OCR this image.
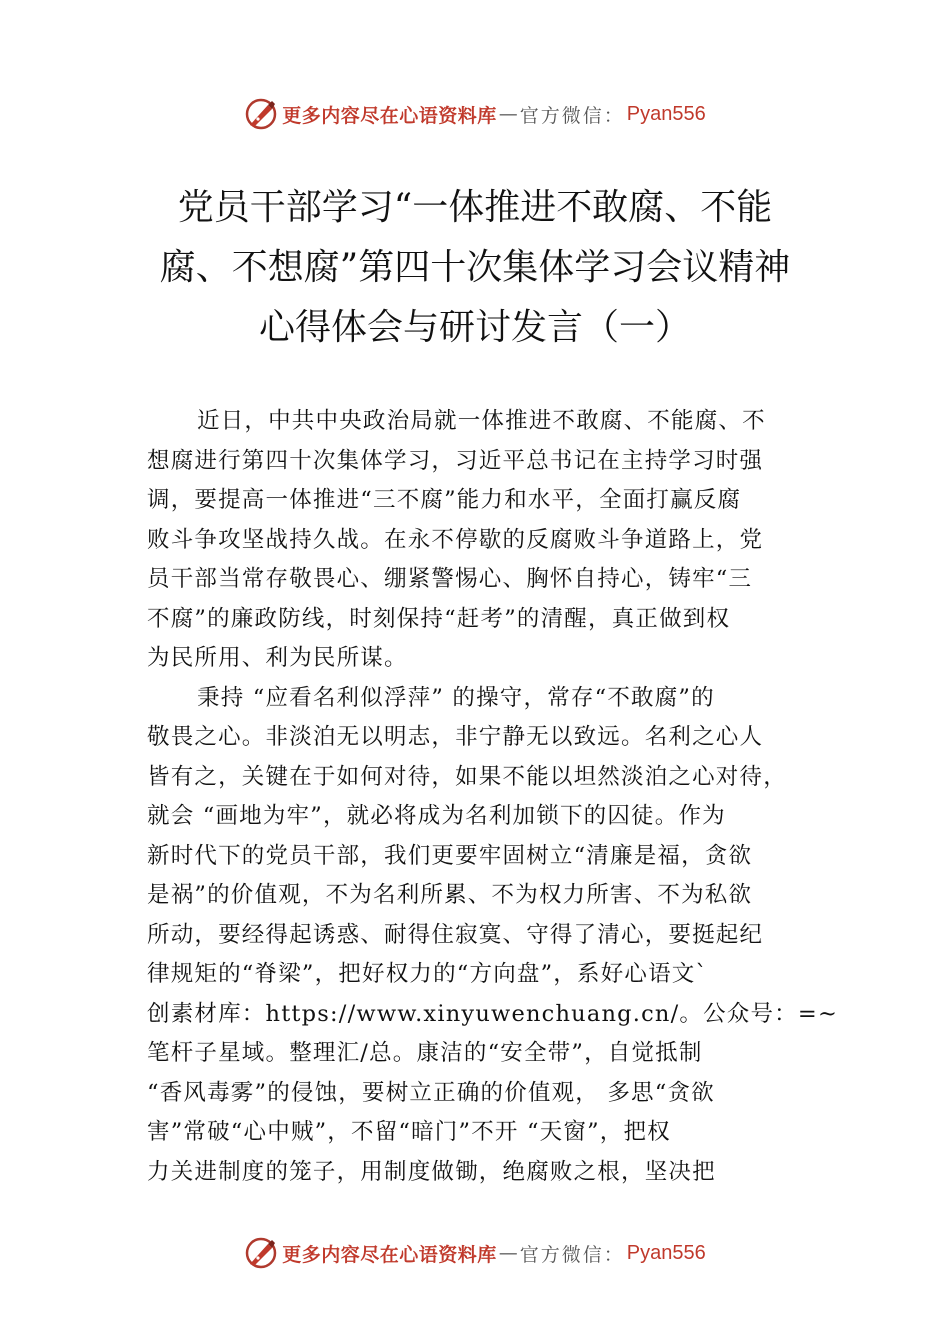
更多内容尽在心语资料库 — 官方微信： Pyan556
党员干部学习“一体推进不敢腐、不能
腐、不想腐”第四十次集体学习会议精神
心得体会与研讨发言（一）
近日，中共中央政治局就一体推进不敢腐、不能腐、不
想腐进行第四十次集体学习，习近平总书记在主持学习时强
调，要提高一体推进“三不腐”能力和水平，全面打赢反腐
败斗争攻坚战持久战。在永不停歇的反腐败斗争道路上，党
员干部当常存敬畏心、绷紧警惕心、胸怀自持心，铸牢“三
不腐”的廉政防线，时刻保持“赶考”的清醒，真正做到权
为民所用、利为民所谋。
秉持 “应看名利似浮萍” 的操守，常存“不敢腐”的
敬畏之心。非淡泊无以明志，非宁静无以致远。名利之心人
皆有之，关键在于如何对待，如果不能以坦然淡泊之心对待，
就会 “画地为牢”，就必将成为名利加锁下的囚徒。作为
新时代下的党员干部，我们更要牢固树立“清廉是福，贪欲
是祸”的价值观，不为名利所累、不为权力所害、不为私欲
所动，要经得起诱惑、耐得住寂寞、守得了清心，要挺起纪
律规矩的“脊梁”，把好权力的“方向盘”，系好心语文`
创素材库：https://www.xinyuwenchuang.cn/。公众号：=~
笔杆子星域。整理汇/总。康洁的“安全带”，自觉抵制
“香风毒雾”的侵蚀，要树立正确的价值观， 多思“贪欲
害”常破“心中贼”，不留“暗门”不开 “天窗”，把权
力关进制度的笼子，用制度做锄，绝腐败之根，坚决把
更多内容尽在心语资料库 — 官方微信： Pyan556
